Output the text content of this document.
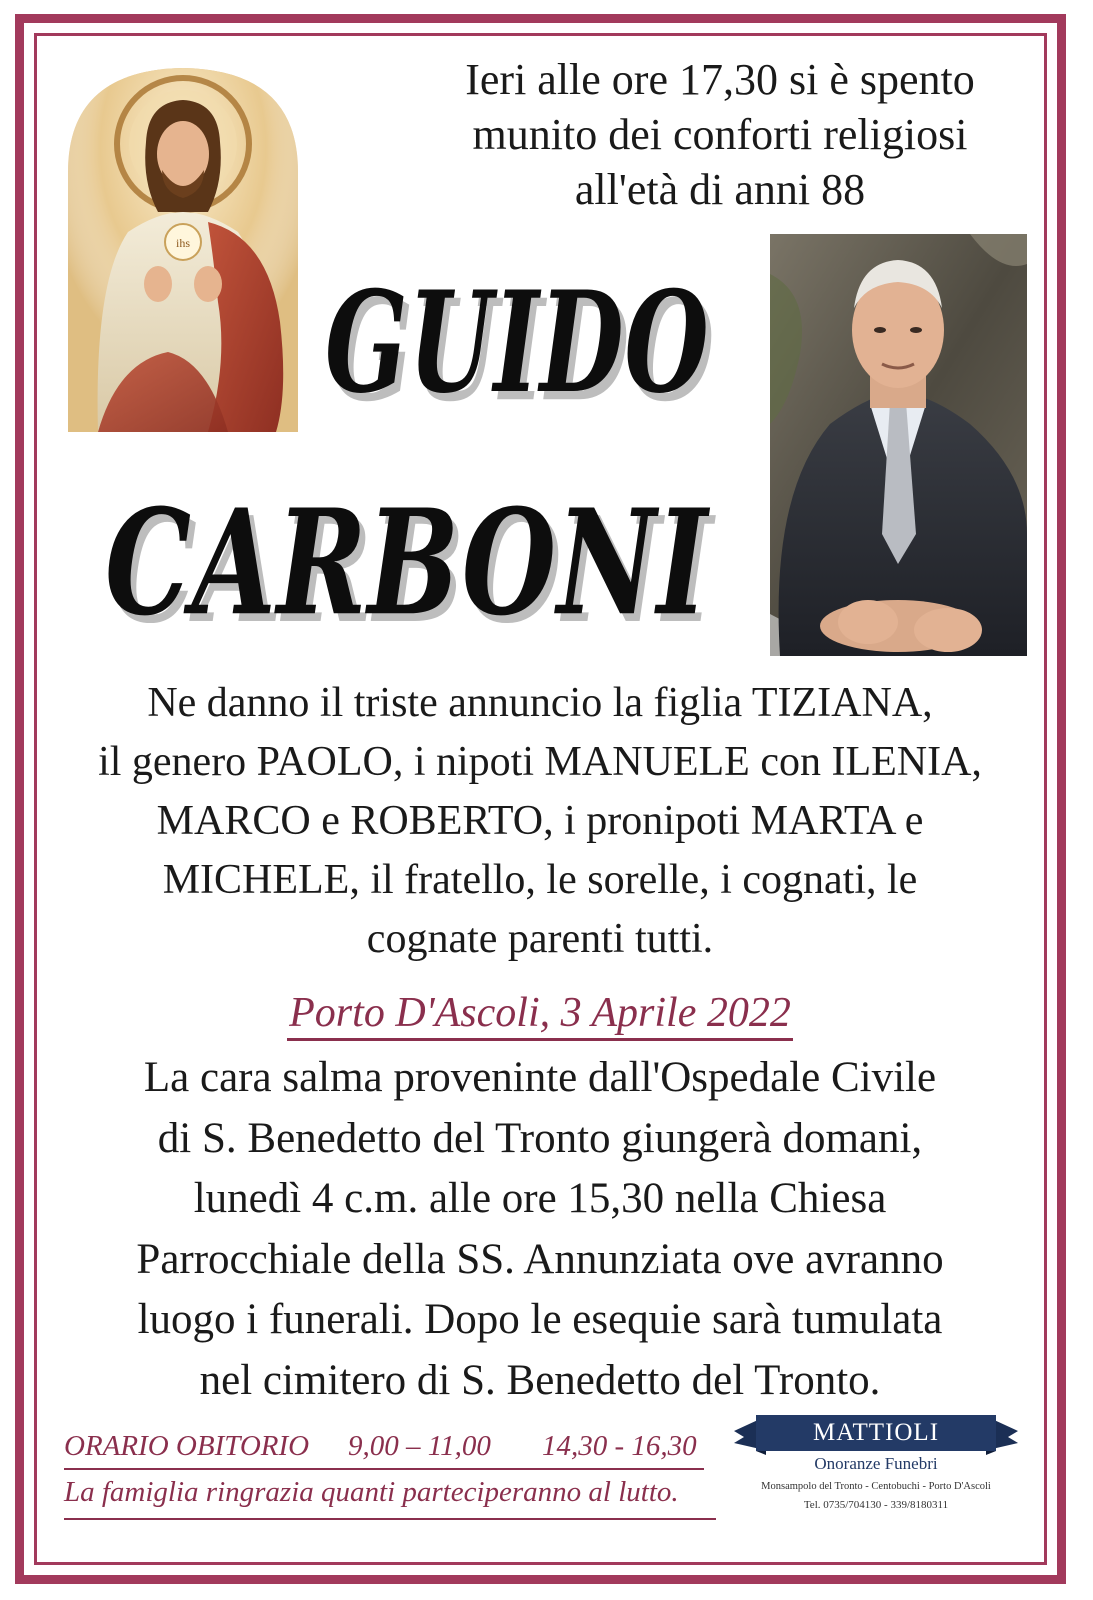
ihs
Ieri alle ore 17,30 si è spento
munito dei conforti religiosi
all'età di anni 88
GUIDO
CARBONI
Ne danno il triste annuncio la figlia TIZIANA,
il genero PAOLO, i nipoti MANUELE con ILENIA,
MARCO e ROBERTO, i pronipoti MARTA e
MICHELE, il fratello, le sorelle, i cognati, le
cognate parenti tutti.
Porto D'Ascoli, 3 Aprile 2022
La cara salma proveninte dall'Ospedale Civile
di S. Benedetto del Tronto giungerà domani,
lunedì 4 c.m. alle ore 15,30 nella Chiesa
Parrocchiale della SS. Annunziata ove avranno
luogo i funerali. Dopo le esequie sarà tumulata
nel cimitero di S. Benedetto del Tronto.
ORARIO OBITORIO 9,00 – 11,00 14,30 - 16,30
La famiglia ringrazia quanti parteciperanno al lutto.
MATTIOLI
Onoranze Funebri
Monsampolo del Tronto - Centobuchi - Porto D'Ascoli
Tel. 0735/704130 - 339/8180311
